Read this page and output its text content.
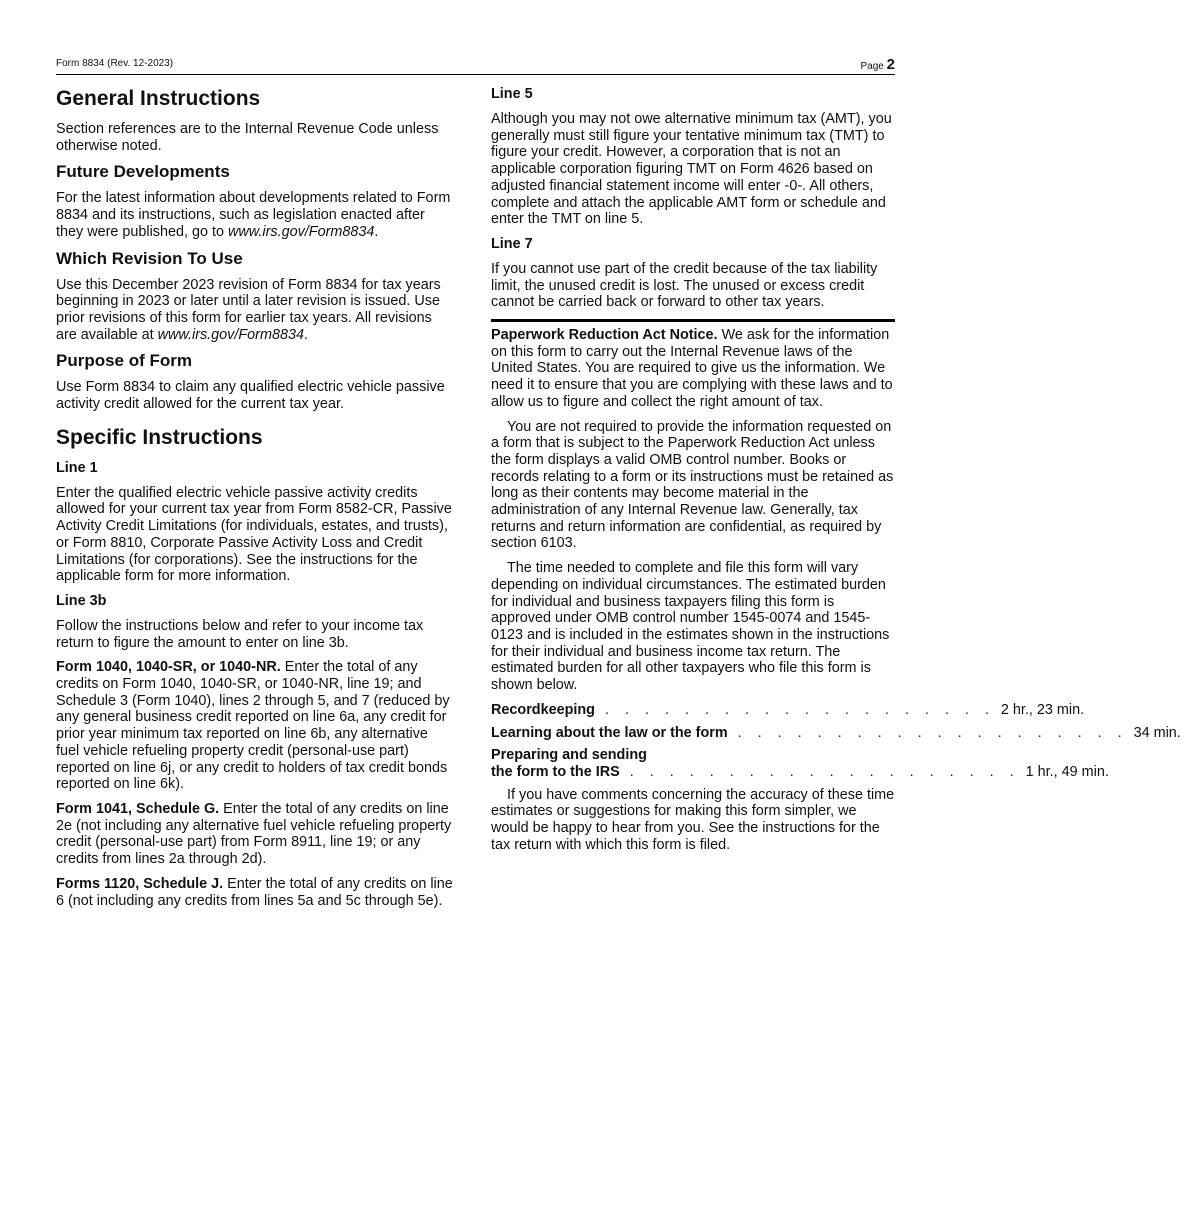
Form 8834 (Rev. 12-2023)	Page 2
General Instructions

Section references are to the Internal Revenue Code unless otherwise noted.

Future Developments

For the latest information about developments related to Form 8834 and its instructions, such as legislation enacted after they were published, go to www.irs.gov/Form8834.

Which Revision To Use

Use this December 2023 revision of Form 8834 for tax years beginning in 2023 or later until a later revision is issued. Use prior revisions of this form for earlier tax years. All revisions are available at www.irs.gov/Form8834.

Purpose of Form

Use Form 8834 to claim any qualified electric vehicle passive activity credit allowed for the current tax year.

Specific Instructions
Line 1

Enter the qualified electric vehicle passive activity credits allowed for your current tax year from Form 8582-CR, Passive Activity Credit Limitations (for individuals, estates, and trusts), or Form 8810, Corporate Passive Activity Loss and Credit Limitations (for corporations). See the instructions for the applicable form for more information.

Line 3b

Follow the instructions below and refer to your income tax return to figure the amount to enter on line 3b.

Form 1040, 1040-SR, or 1040-NR. Enter the total of any credits on Form 1040, 1040-SR, or 1040-NR, line 19; and Schedule 3 (Form 1040), lines 2 through 5, and 7 (reduced by any general business credit reported on line 6a, any credit for prior year minimum tax reported on line 6b, any alternative fuel vehicle refueling property credit (personal-use part) reported on line 6j, or any credit to holders of tax credit bonds reported on line 6k).

Form 1041, Schedule G. Enter the total of any credits on line 2e (not including any alternative fuel vehicle refueling property credit (personal-use part) from Form 8911, line 19; or any credits from lines 2a through 2d).

Forms 1120, Schedule J. Enter the total of any credits on line 6 (not including any credits from lines 5a and 5c through 5e).

Line 5

Although you may not owe alternative minimum tax (AMT), you generally must still figure your tentative minimum tax (TMT) to figure your credit. However, a corporation that is not an applicable corporation figuring TMT on Form 4626 based on adjusted financial statement income will enter -0-. All others, complete and attach the applicable AMT form or schedule and enter the TMT on line 5.

Line 7

If you cannot use part of the credit because of the tax liability limit, the unused credit is lost. The unused or excess credit cannot be carried back or forward to other tax years.

Paperwork Reduction Act Notice. We ask for the information on this form to carry out the Internal Revenue laws of the United States. You are required to give us the information. We need it to ensure that you are complying with these laws and to allow us to figure and collect the right amount of tax.

You are not required to provide the information requested on a form that is subject to the Paperwork Reduction Act unless the form displays a valid OMB control number. Books or records relating to a form or its instructions must be retained as long as their contents may become material in the administration of any Internal Revenue law. Generally, tax returns and return information are confidential, as required by section 6103.

The time needed to complete and file this form will vary depending on individual circumstances. The estimated burden for individual and business taxpayers filing this form is approved under OMB control number 1545-0074 and 1545-0123 and is included in the estimates shown in the instructions for their individual and business income tax return. The estimated burden for all other taxpayers who file this form is shown below.

Recordkeeping . . . . . . . . . . . . . . . . . . . . 2 hr., 23 min.
Learning about the law or the form . . . . . . . . . . . . . . . . . . . . 34 min.
Preparing and sending
the form to the IRS . . . . . . . . . . . . . . . . . . . . 1 hr., 49 min.

If you have comments concerning the accuracy of these time estimates or suggestions for making this form simpler, we would be happy to hear from you. See the instructions for the tax return with which this form is filed.
